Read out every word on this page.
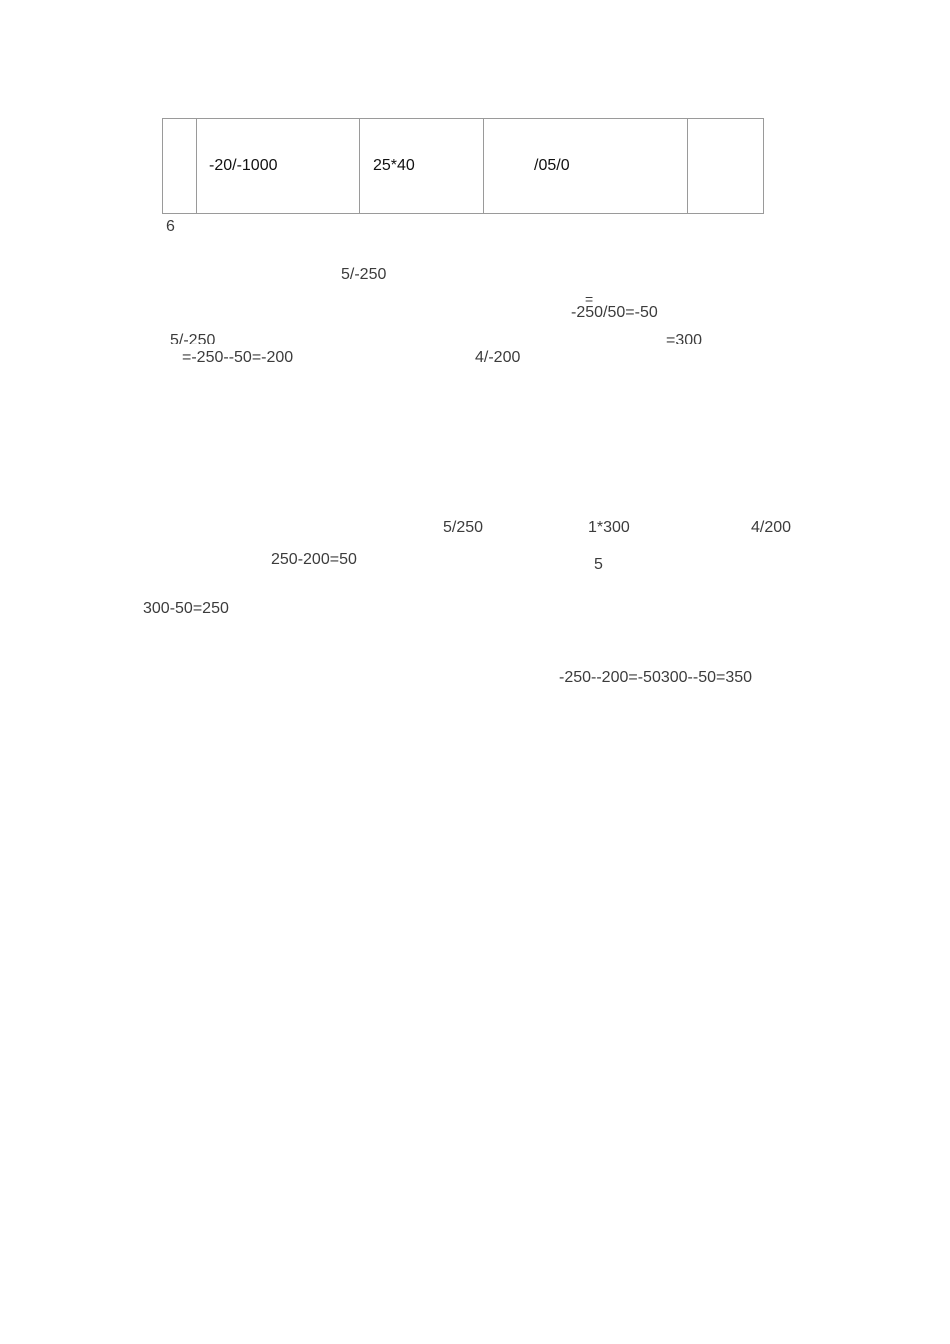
	-20/-1000	25*40	/05/0	
6
5/-250
=
-250/50=-50
5/-250	=300
=-250--50=-200	4/-200
5/250	1*300	4/200
250-200=50	5
300-50=250
-250--200=-50300--50=350
